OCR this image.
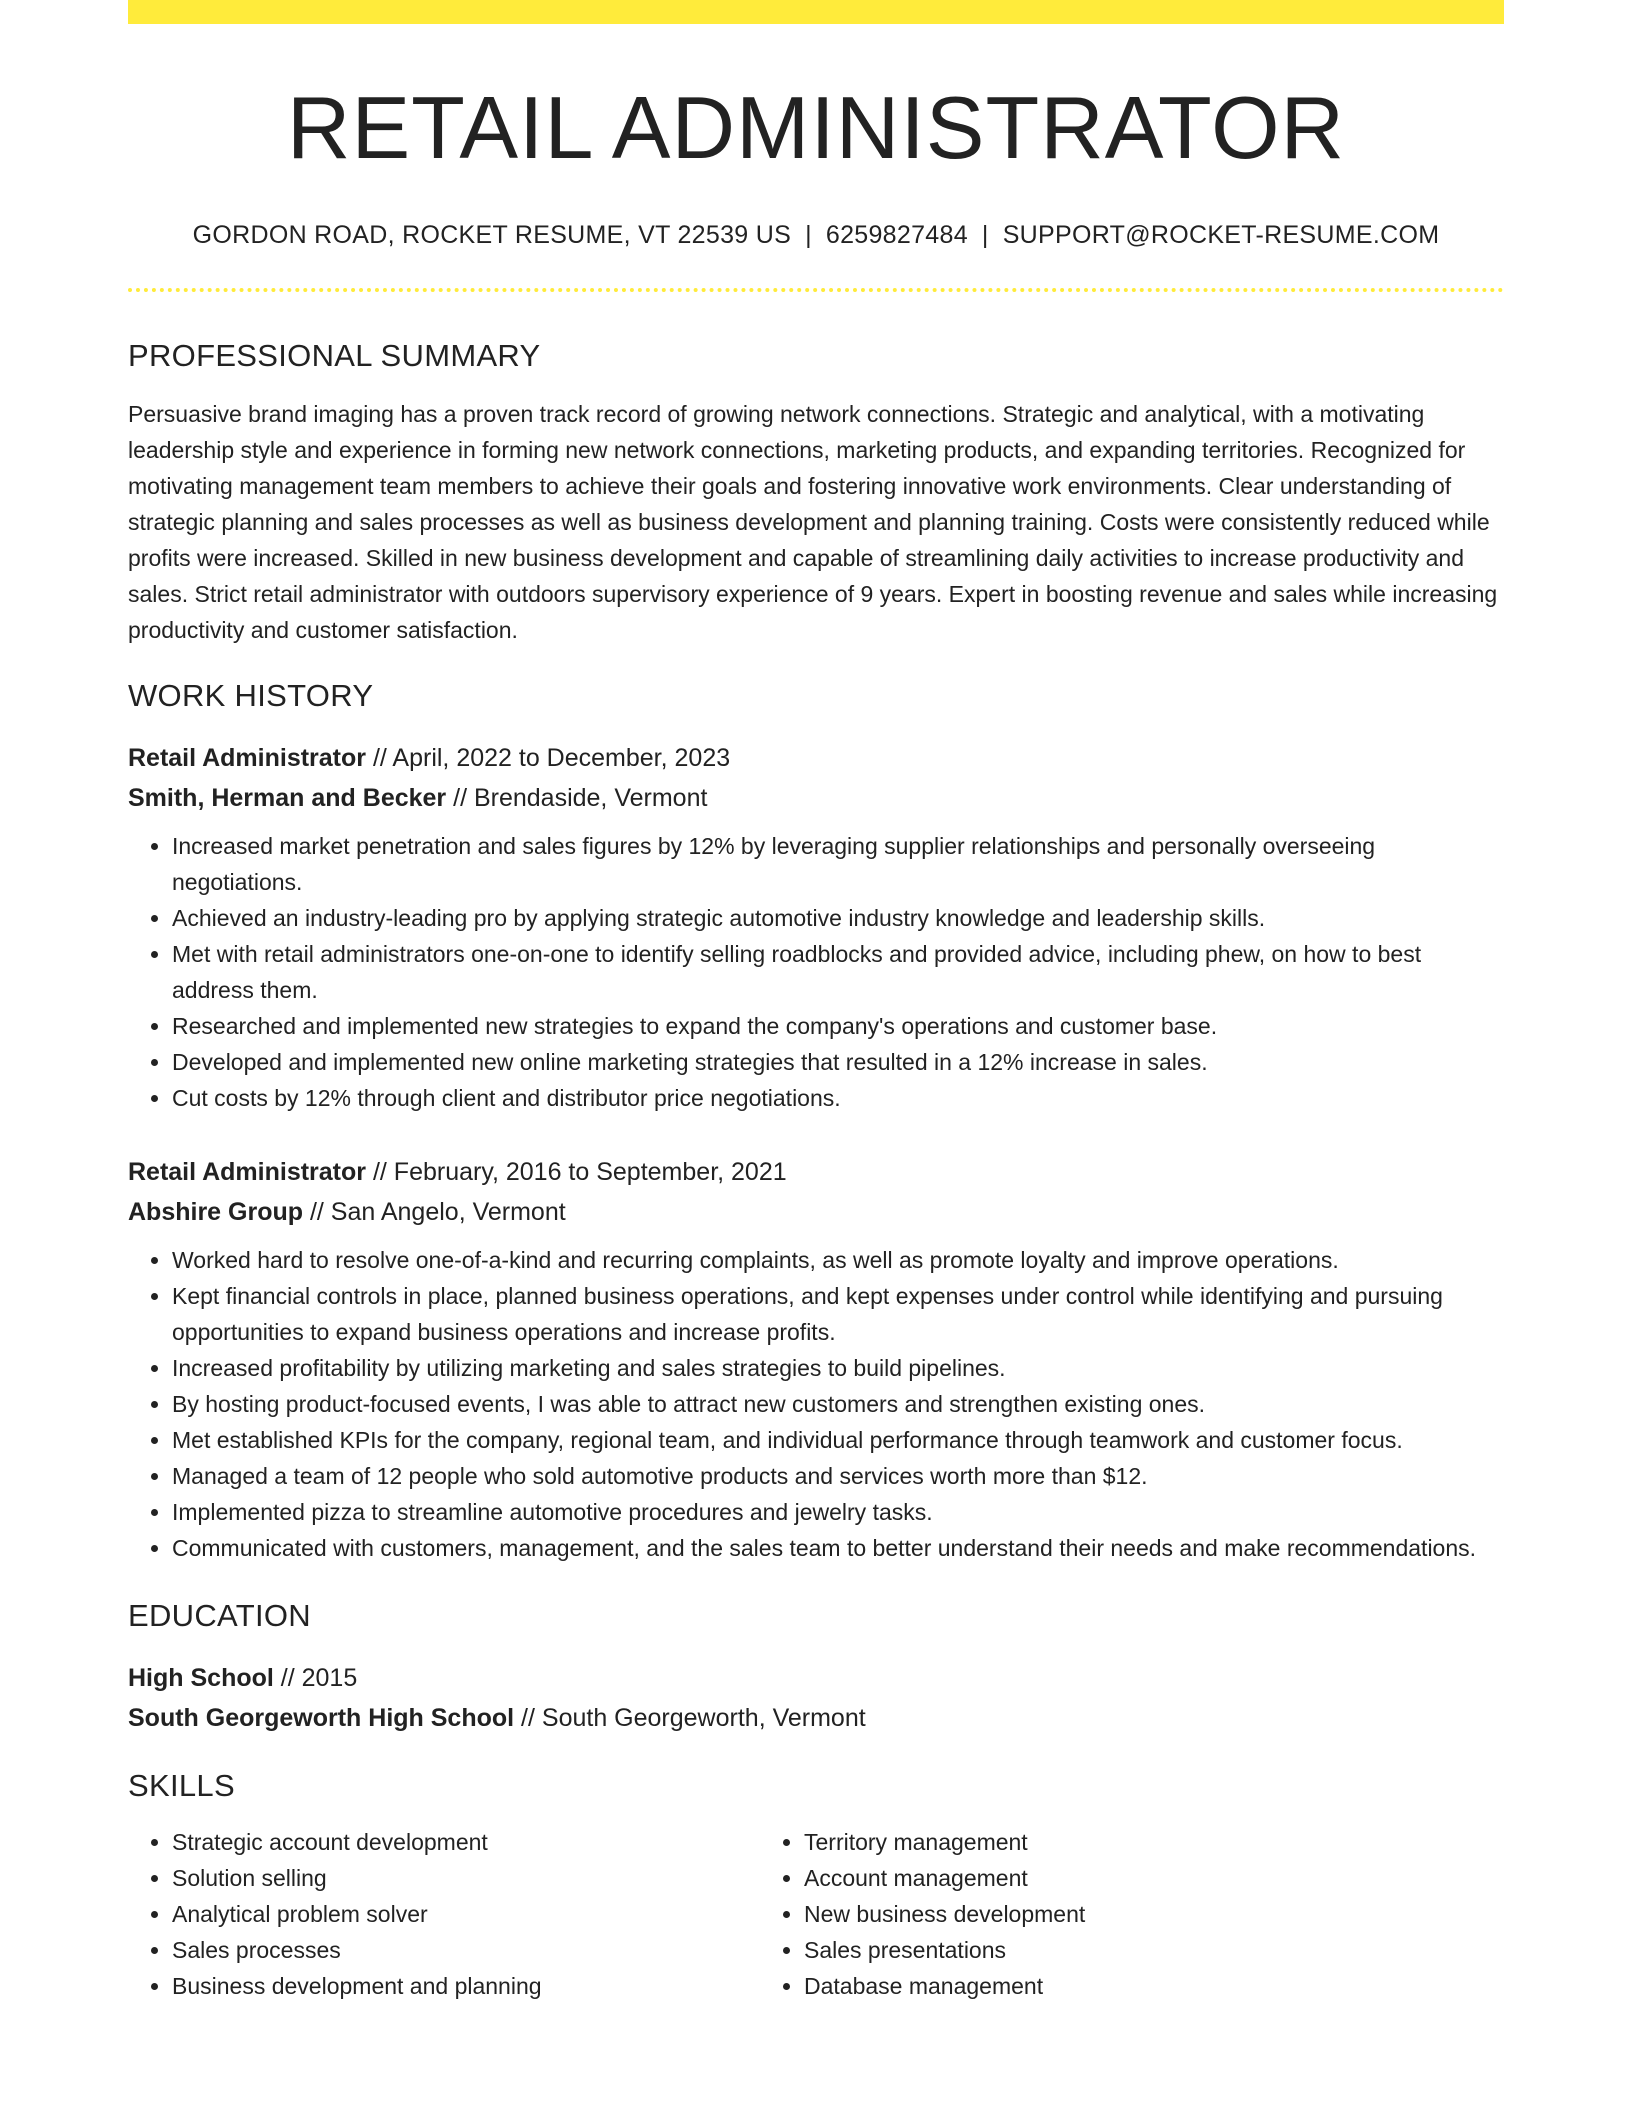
RETAIL ADMINISTRATOR
GORDON ROAD, ROCKET RESUME, VT 22539 US | 6259827484 | SUPPORT@ROCKET-RESUME.COM
PROFESSIONAL SUMMARY
Persuasive brand imaging has a proven track record of growing network connections. Strategic and analytical, with a motivating leadership style and experience in forming new network connections, marketing products, and expanding territories. Recognized for motivating management team members to achieve their goals and fostering innovative work environments. Clear understanding of strategic planning and sales processes as well as business development and planning training. Costs were consistently reduced while profits were increased. Skilled in new business development and capable of streamlining daily activities to increase productivity and sales. Strict retail administrator with outdoors supervisory experience of 9 years. Expert in boosting revenue and sales while increasing productivity and customer satisfaction.
WORK HISTORY
Retail Administrator // April, 2022 to December, 2023
Smith, Herman and Becker // Brendaside, Vermont
• Increased market penetration and sales figures by 12% by leveraging supplier relationships and personally overseeing negotiations.
• Achieved an industry-leading pro by applying strategic automotive industry knowledge and leadership skills.
• Met with retail administrators one-on-one to identify selling roadblocks and provided advice, including phew, on how to best address them.
• Researched and implemented new strategies to expand the company's operations and customer base.
• Developed and implemented new online marketing strategies that resulted in a 12% increase in sales.
• Cut costs by 12% through client and distributor price negotiations.
Retail Administrator // February, 2016 to September, 2021
Abshire Group // San Angelo, Vermont
• Worked hard to resolve one-of-a-kind and recurring complaints, as well as promote loyalty and improve operations.
• Kept financial controls in place, planned business operations, and kept expenses under control while identifying and pursuing opportunities to expand business operations and increase profits.
• Increased profitability by utilizing marketing and sales strategies to build pipelines.
• By hosting product-focused events, I was able to attract new customers and strengthen existing ones.
• Met established KPIs for the company, regional team, and individual performance through teamwork and customer focus.
• Managed a team of 12 people who sold automotive products and services worth more than $12.
• Implemented pizza to streamline automotive procedures and jewelry tasks.
• Communicated with customers, management, and the sales team to better understand their needs and make recommendations.
EDUCATION
High School // 2015
South Georgeworth High School // South Georgeworth, Vermont
SKILLS
• Strategic account development
• Solution selling
• Analytical problem solver
• Sales processes
• Business development and planning
• Territory management
• Account management
• New business development
• Sales presentations
• Database management
